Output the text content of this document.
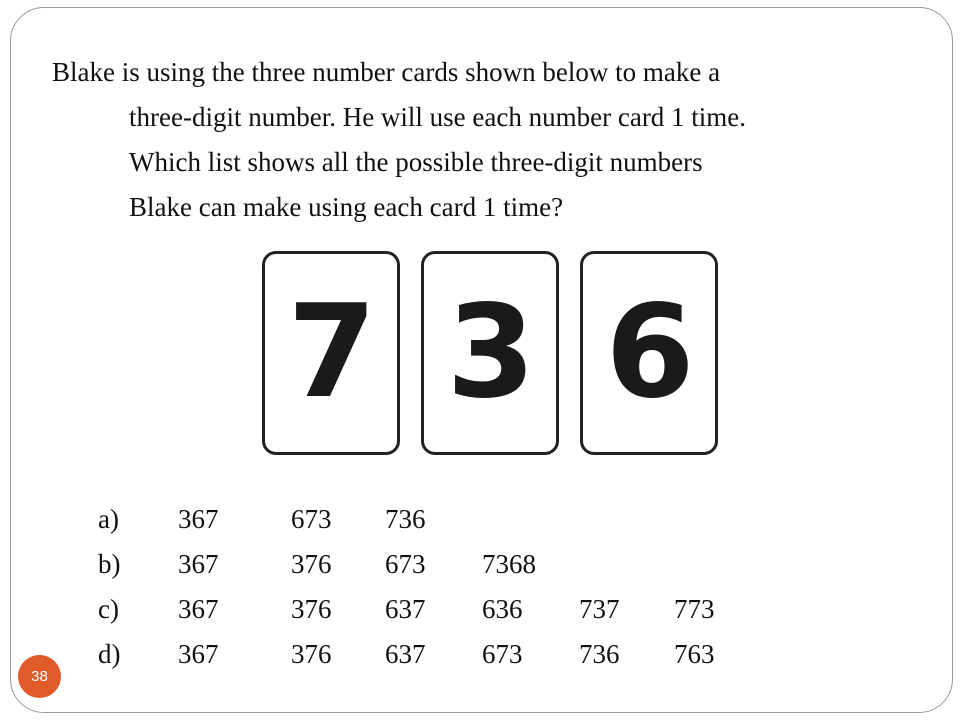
Blake is using the three number cards shown below to make a
three-digit number. He will use each number card 1 time.
Which list shows all the possible three-digit numbers
Blake can make using each card 1 time?

7 3 6
a) 367	673 736
b) 367	376 673 7368
c) 367	376 637 636 737 773
d) 367	376 637 673 736 763
38
